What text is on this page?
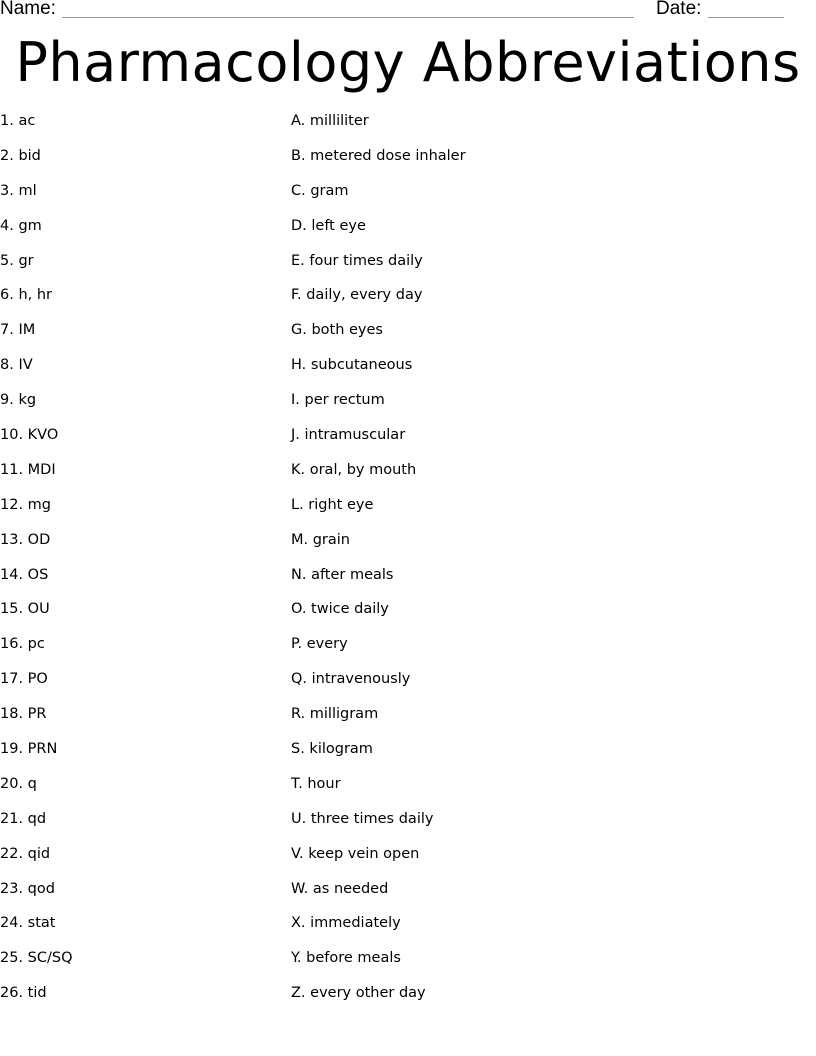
Name:	Date:
Pharmacology Abbreviations
1. ac
2. bid
3. ml
4. gm
5. gr
6. h, hr
7. IM
8. IV
9. kg
10. KVO
11. MDI
12. mg
13. OD
14. OS
15. OU
16. pc
17. PO
18. PR
19. PRN
20. q
21. qd
22. qid
23. qod
24. stat
25. SC/SQ
26. tid
A. milliliter
B. metered dose inhaler
C. gram
D. left eye
E. four times daily
F. daily, every day
G. both eyes
H. subcutaneous
I. per rectum
J. intramuscular
K. oral, by mouth
L. right eye
M. grain
N. after meals
O. twice daily
P. every
Q. intravenously
R. milligram
S. kilogram
T. hour
U. three times daily
V. keep vein open
W. as needed
X. immediately
Y. before meals
Z. every other day
